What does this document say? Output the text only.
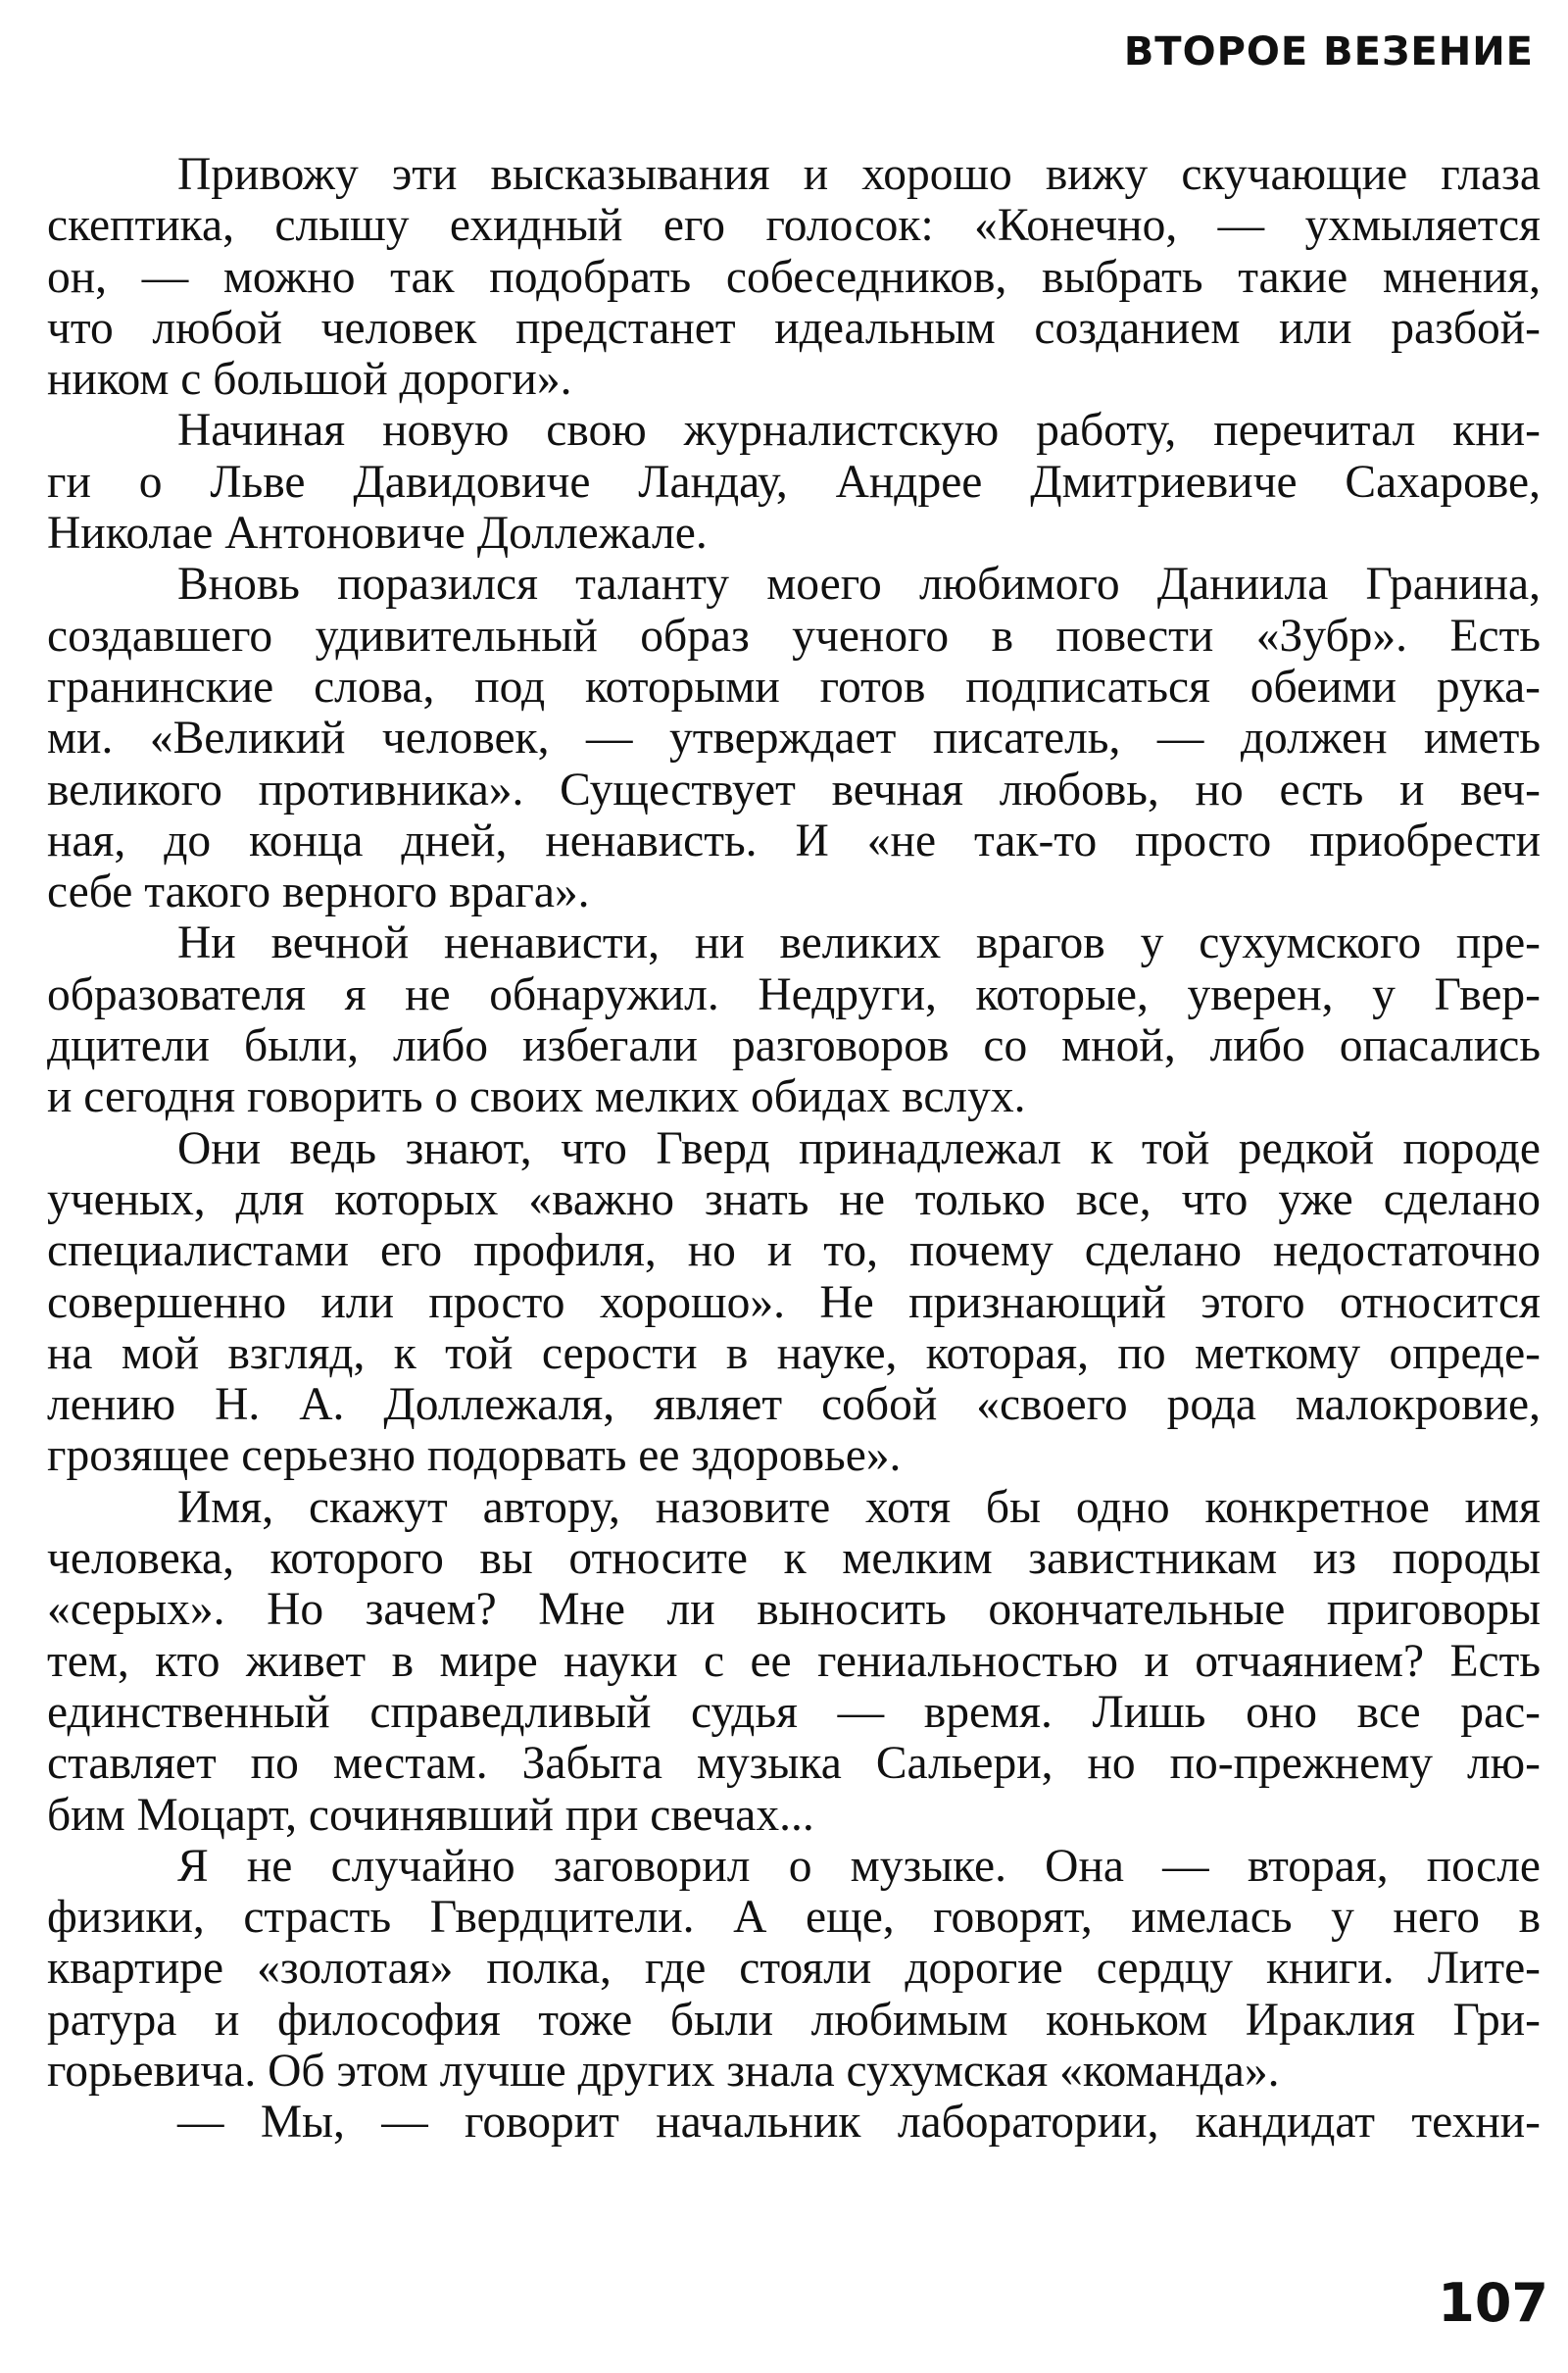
ВТОРОЕ ВЕЗЕНИЕ
Привожу эти высказывания и хорошо вижу скучающие глаза
скептика, слышу ехидный его голосок: «Конечно, — ухмыляется
он, — можно так подобрать собеседников, выбрать такие мнения,
что любой человек предстанет идеальным созданием или разбой-
ником с большой дороги».
Начиная новую свою журналистскую работу, перечитал кни-
ги о Льве Давидовиче Ландау, Андрее Дмитриевиче Сахарове,
Николае Антоновиче Доллежале.
Вновь поразился таланту моего любимого Даниила Гранина,
создавшего удивительный образ ученого в повести «Зубр». Есть
гранинские слова, под которыми готов подписаться обеими рука-
ми. «Великий человек, — утверждает писатель, — должен иметь
великого противника». Существует вечная любовь, но есть и веч-
ная, до конца дней, ненависть. И «не так-то просто приобрести
себе такого верного врага».
Ни вечной ненависти, ни великих врагов у сухумского пре-
образователя я не обнаружил. Недруги, которые, уверен, у Гвер-
дцители были, либо избегали разговоров со мной, либо опасались
и сегодня говорить о своих мелких обидах вслух.
Они ведь знают, что Гверд принадлежал к той редкой породе
ученых, для которых «важно знать не только все, что уже сделано
специалистами его профиля, но и то, почему сделано недостаточно
совершенно или просто хорошо». Не признающий этого относится
на мой взгляд, к той серости в науке, которая, по меткому опреде-
лению Н. А. Доллежаля, являет собой «своего рода малокровие,
грозящее серьезно подорвать ее здоровье».
Имя, скажут автору, назовите хотя бы одно конкретное имя
человека, которого вы относите к мелким завистникам из породы
«серых». Но зачем? Мне ли выносить окончательные приговоры
тем, кто живет в мире науки с ее гениальностью и отчаянием? Есть
единственный справедливый судья — время. Лишь оно все рас-
ставляет по местам. Забыта музыка Сальери, но по-прежнему лю-
бим Моцарт, сочинявший при свечах...
Я не случайно заговорил о музыке. Она — вторая, после
физики, страсть Гвердцители. А еще, говорят, имелась у него в
квартире «золотая» полка, где стояли дорогие сердцу книги. Лите-
ратура и философия тоже были любимым коньком Ираклия Гри-
горьевича. Об этом лучше других знала сухумская «команда».
— Мы, — говорит начальник лаборатории, кандидат техни-
107
